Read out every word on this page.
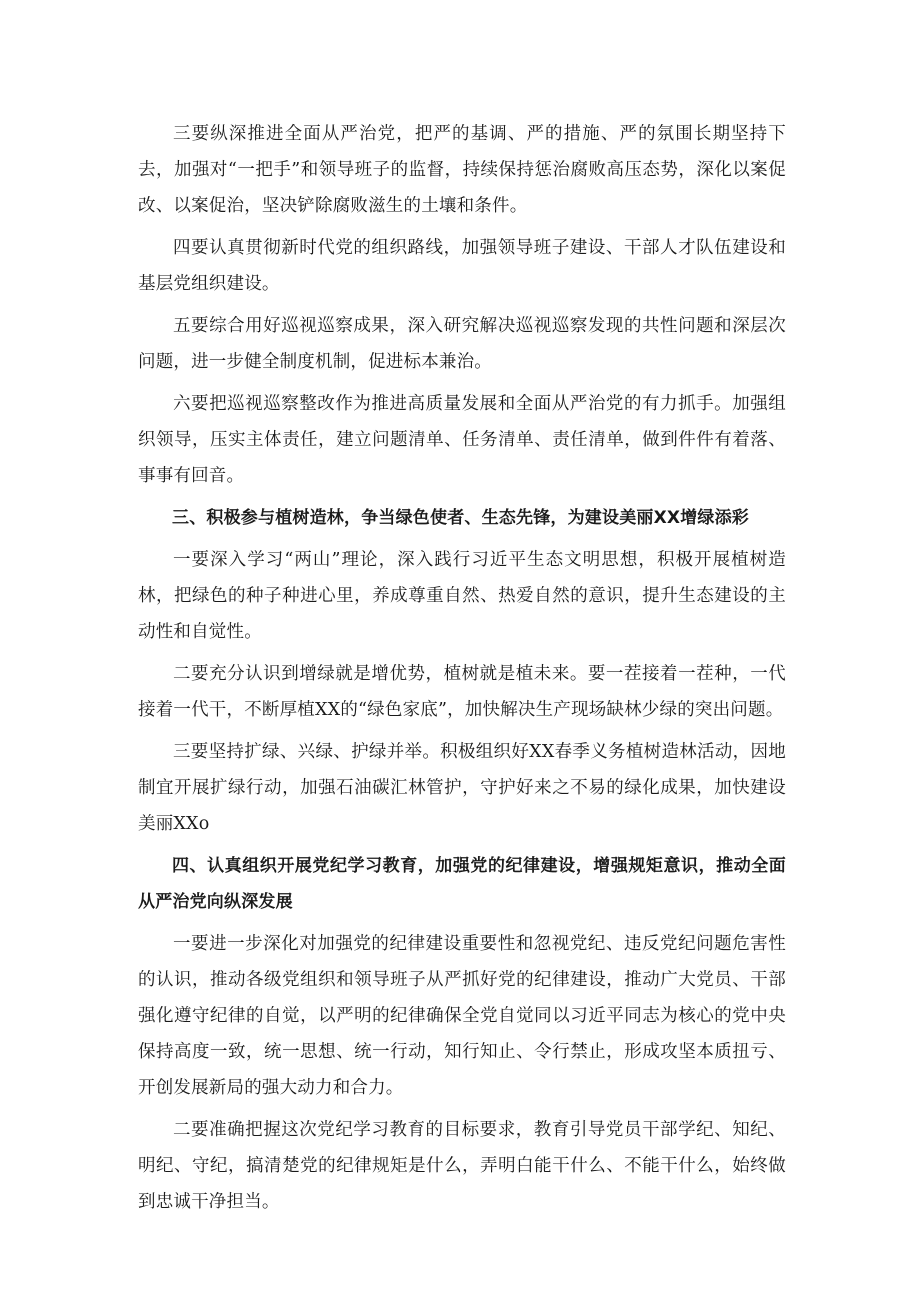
三要纵深推进全面从严治党，把严的基调、严的措施、严的氛围长期坚持下去，加强对“一把手”和领导班子的监督，持续保持惩治腐败高压态势，深化以案促改、以案促治，坚决铲除腐败滋生的土壤和条件。

四要认真贯彻新时代党的组织路线，加强领导班子建设、干部人才队伍建设和基层党组织建设。

五要综合用好巡视巡察成果，深入研究解决巡视巡察发现的共性问题和深层次问题，进一步健全制度机制，促进标本兼治。

六要把巡视巡察整改作为推进高质量发展和全面从严治党的有力抓手。加强组织领导，压实主体责任，建立问题清单、任务清单、责任清单，做到件件有着落、事事有回音。

三、积极参与植树造林，争当绿色使者、生态先锋，为建设美丽XX增绿添彩

一要深入学习“两山”理论，深入践行习近平生态文明思想，积极开展植树造林，把绿色的种子种进心里，养成尊重自然、热爱自然的意识，提升生态建设的主动性和自觉性。

二要充分认识到增绿就是增优势，植树就是植未来。要一茬接着一茬种，一代接着一代干，不断厚植XX的“绿色家底”，加快解决生产现场缺林少绿的突出问题。

三要坚持扩绿、兴绿、护绿并举。积极组织好XX春季义务植树造林活动，因地制宜开展扩绿行动，加强石油碳汇林管护，守护好来之不易的绿化成果，加快建设美丽XXo

四、认真组织开展党纪学习教育，加强党的纪律建设，增强规矩意识，推动全面从严治党向纵深发展

一要进一步深化对加强党的纪律建设重要性和忽视党纪、违反党纪问题危害性的认识，推动各级党组织和领导班子从严抓好党的纪律建设，推动广大党员、干部强化遵守纪律的自觉，以严明的纪律确保全党自觉同以习近平同志为核心的党中央保持高度一致，统一思想、统一行动，知行知止、令行禁止，形成攻坚本质扭亏、开创发展新局的强大动力和合力。

二要准确把握这次党纪学习教育的目标要求，教育引导党员干部学纪、知纪、明纪、守纪，搞清楚党的纪律规矩是什么，弄明白能干什么、不能干什么，始终做到忠诚干净担当。
